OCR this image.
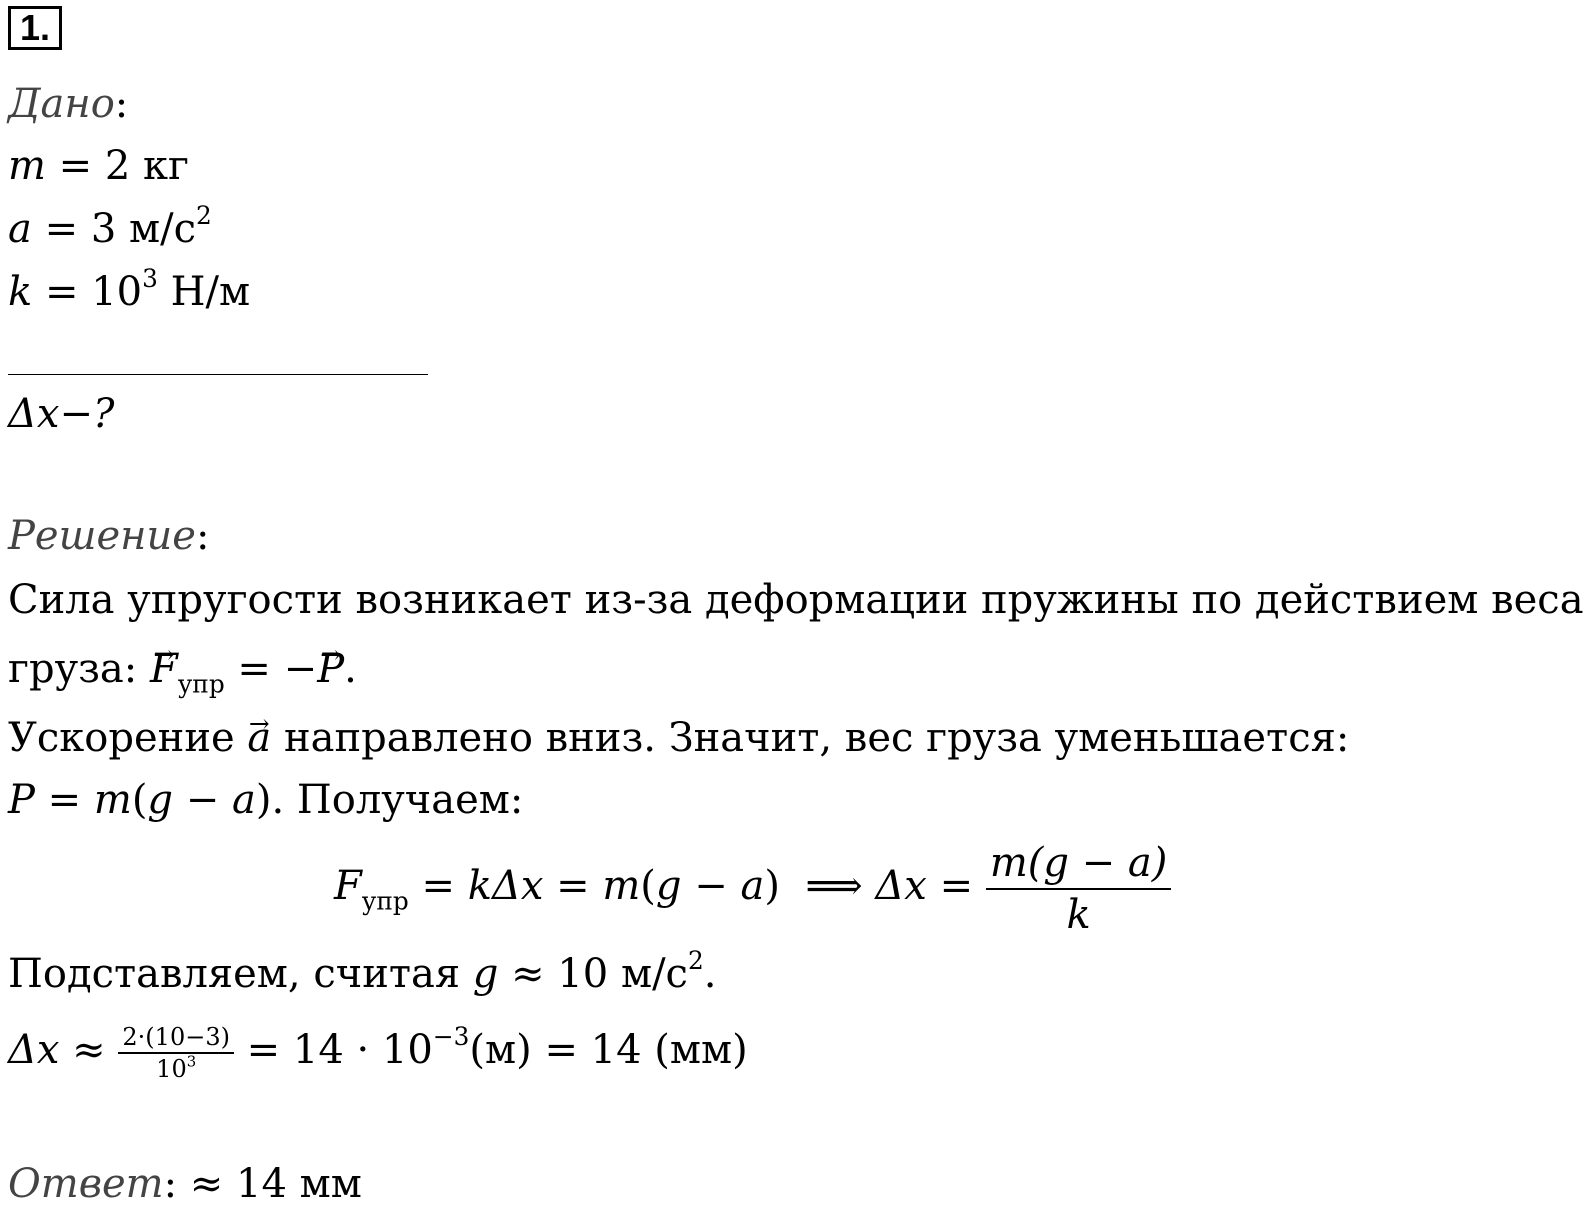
1.
Дано:
m = 2 кг
a = 3 $м/с^2$
$k = 10^3$ Н/м
Δx−?
Решение:
Сила упругости возникает из-за деформации пружины по действием веса
груза: → $F_{упр}$ = −→ P.
Ускорение → a направлено вниз. Значит, вес груза уменьшается:
P = m(g − a). Получаем:
$F_{упр} = k\Delta x = m(g - a)$  ⟹ $\Delta x = \frac{m(g - a)}{k}$
Подставляем, считая g ≈ 10 $м/с^2$.
$\Delta x \approx \frac{2\cdot(10-3)}{10^3} = 14 \cdot 10^{-3}(м) = 14$ (мм)
Ответ: ≈ 14 мм
